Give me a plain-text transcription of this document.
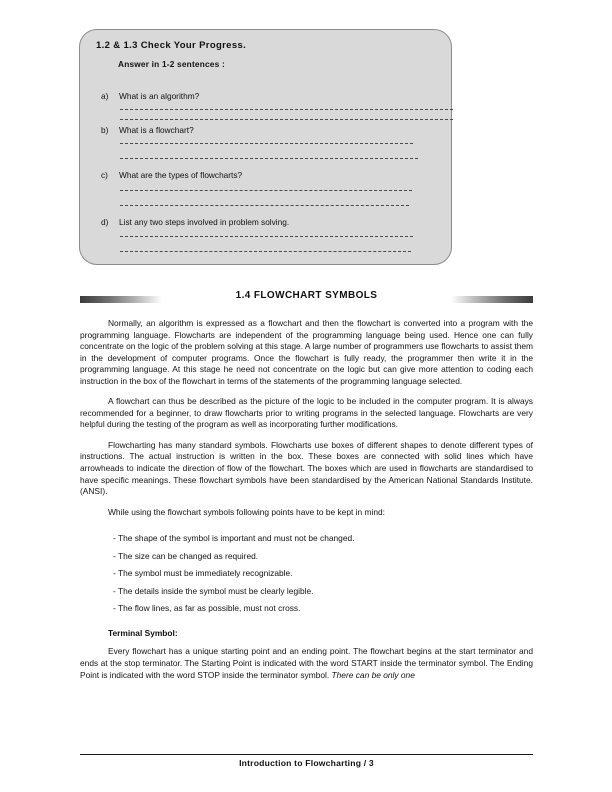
1.2 & 1.3 Check Your Progress.
Answer in 1-2 sentences :
a) What is an algorithm?
b) What is a flowchart?
c) What are the types of flowcharts?
d) List any two steps involved in problem solving.
1.4 FLOWCHART SYMBOLS

Normally, an algorithm is expressed as a flowchart and then the flowchart is converted into a program with the programming language. Flowcharts are independent of the programming language being used. Hence one can fully concentrate on the logic of the problem solving at this stage. A large number of programmers use flowcharts to assist them in the development of computer programs. Once the flowchart is fully ready, the programmer then write it in the programming language. At this stage he need not concentrate on the logic but can give more attention to coding each instruction in the box of the flowchart in terms of the statements of the programming language selected.

A flowchart can thus be described as the picture of the logic to be included in the computer program. It is always recommended for a beginner, to draw flowcharts prior to writing programs in the selected language. Flowcharts are very helpful during the testing of the program as well as incorporating further modifications.

Flowcharting has many standard symbols. Flowcharts use boxes of different shapes to denote different types of instructions. The actual instruction is written in the box. These boxes are connected with solid lines which have arrowheads to indicate the direction of flow of the flowchart. The boxes which are used in flowcharts are standardised to have specific meanings. These flowchart symbols have been standardised by the American National Standards Institute. (ANSI).

While using the flowchart symbols following points have to be kept in mind:

- The shape of the symbol is important and must not be changed.

- The size can be changed as required.

- The symbol must be immediately recognizable.

- The details inside the symbol must be clearly legible.

- The flow lines, as far as possible, must not cross.

Terminal Symbol:

Every flowchart has a unique starting point and an ending point. The flowchart begins at the start terminator and ends at the stop terminator. The Starting Point is indicated with the word START inside the terminator symbol. The Ending Point is indicated with the word STOP inside the terminator symbol. There can be only one

Introduction to Flowcharting / 3
